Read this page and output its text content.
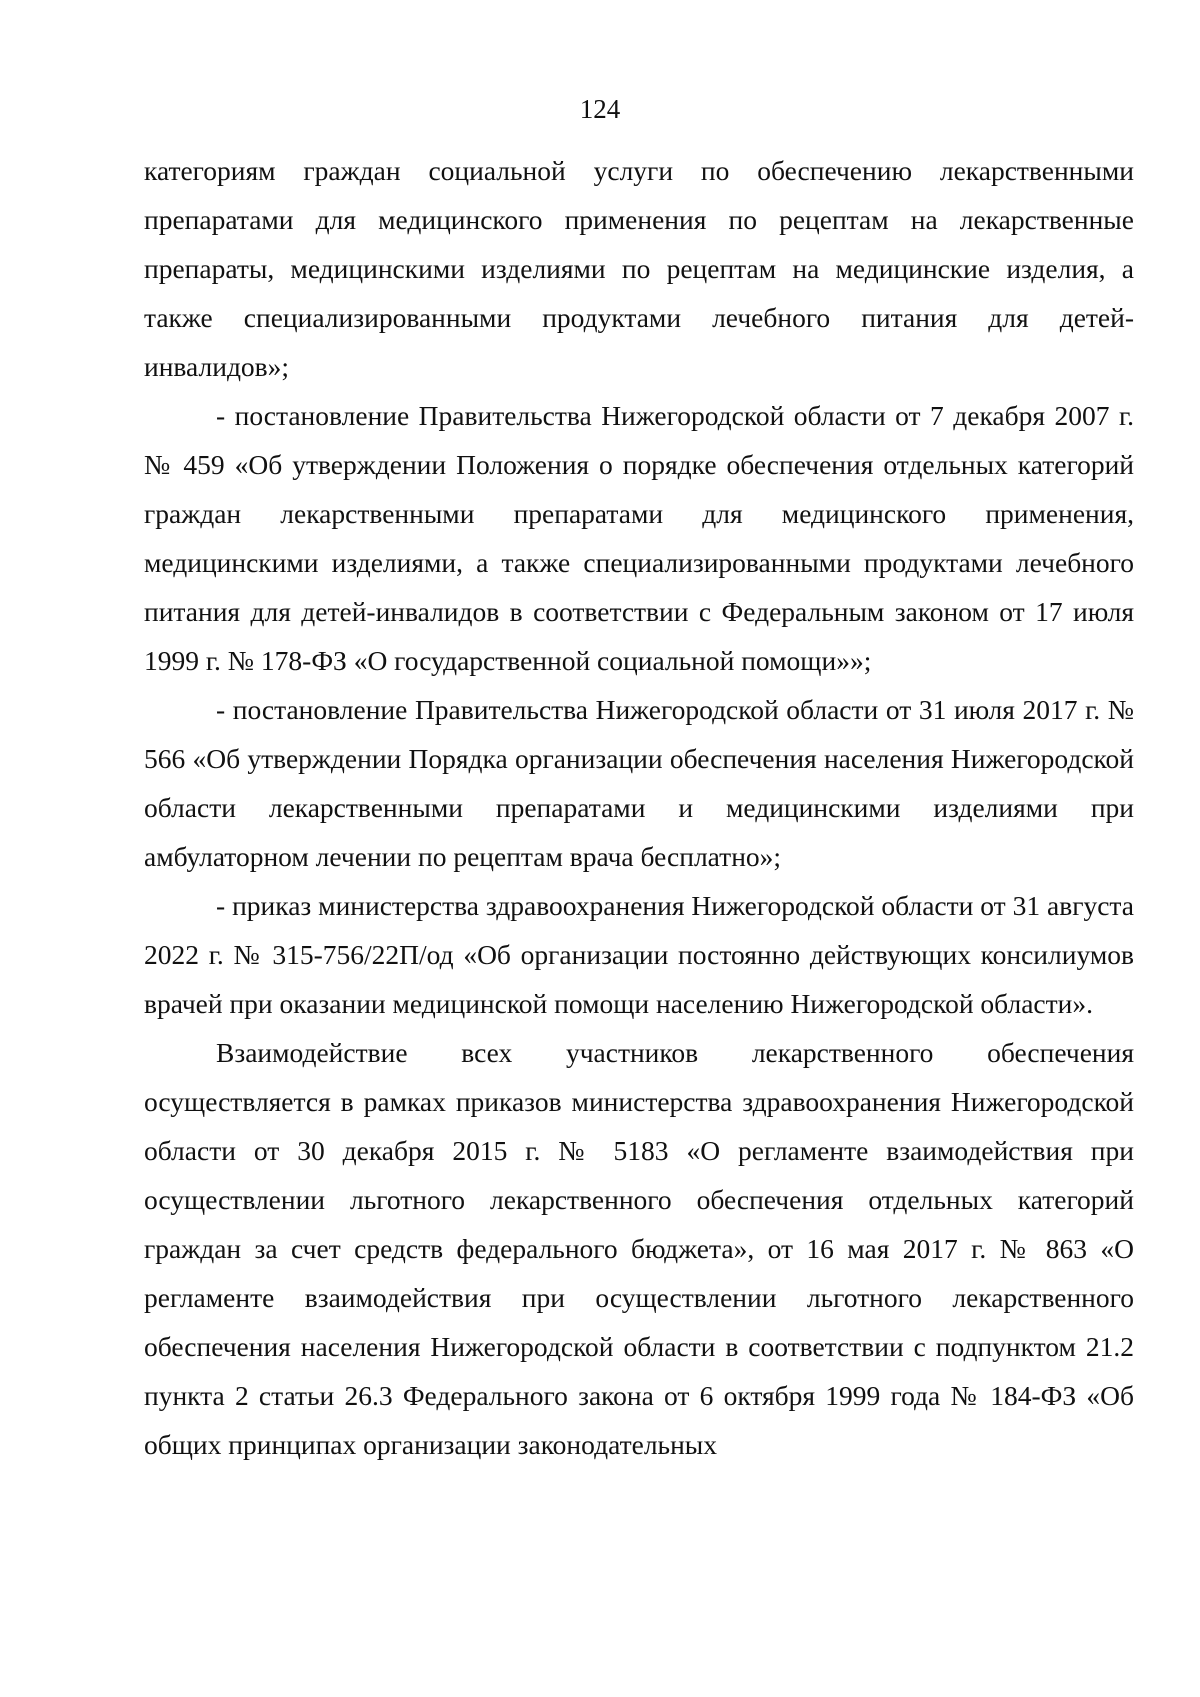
124

категориям граждан социальной услуги по обеспечению лекарственными препаратами для медицинского применения по рецептам на лекарственные препараты, медицинскими изделиями по рецептам на медицинские изделия, а также специализированными продуктами лечебного питания для детей-инвалидов»;

- постановление Правительства Нижегородской области от 7 декабря 2007 г. № 459 «Об утверждении Положения о порядке обеспечения отдельных категорий граждан лекарственными препаратами для медицинского применения, медицинскими изделиями, а также специализированными продуктами лечебного питания для детей-инвалидов в соответствии с Федеральным законом от 17 июля 1999 г. № 178-ФЗ «О государственной социальной помощи»»;

- постановление Правительства Нижегородской области от 31 июля 2017 г. № 566 «Об утверждении Порядка организации обеспечения населения Нижегородской области лекарственными препаратами и медицинскими изделиями при амбулаторном лечении по рецептам врача бесплатно»;

- приказ министерства здравоохранения Нижегородской области от 31 августа 2022 г. № 315-756/22П/од «Об организации постоянно действующих консилиумов врачей при оказании медицинской помощи населению Нижегородской области».

Взаимодействие всех участников лекарственного обеспечения осуществляется в рамках приказов министерства здравоохранения Нижегородской области от 30 декабря 2015 г. № 5183 «О регламенте взаимодействия при осуществлении льготного лекарственного обеспечения отдельных категорий граждан за счет средств федерального бюджета», от 16 мая 2017 г. № 863 «О регламенте взаимодействия при осуществлении льготного лекарственного обеспечения населения Нижегородской области в соответствии с подпунктом 21.2 пункта 2 статьи 26.3 Федерального закона от 6 октября 1999 года № 184-ФЗ «Об общих принципах организации законодательных
